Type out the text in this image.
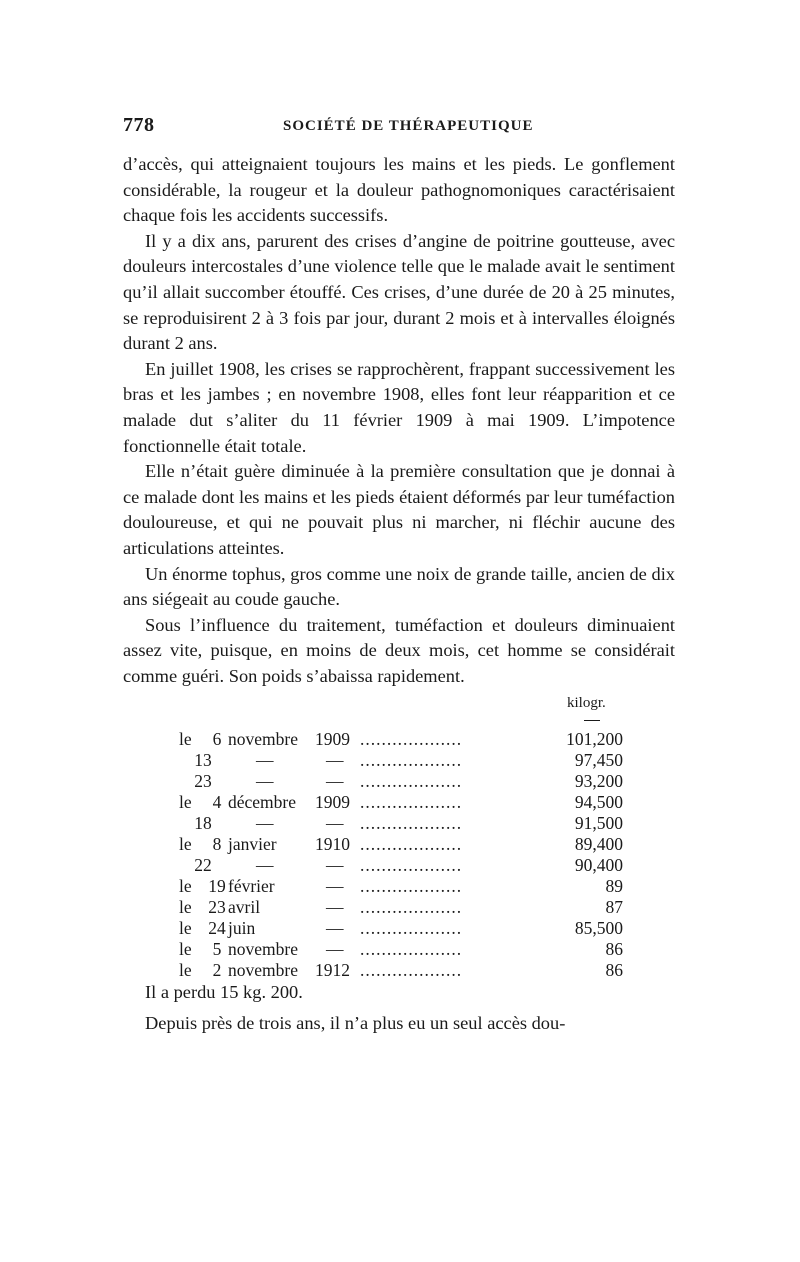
778	SOCIÉTÉ DE THÉRAPEUTIQUE

d’accès, qui atteignaient toujours les mains et les pieds. Le gonflement considérable, la rougeur et la douleur pathognomoniques caractérisaient chaque fois les accidents successifs.

Il y a dix ans, parurent des crises d’angine de poitrine goutteuse, avec douleurs intercostales d’une violence telle que le malade avait le sentiment qu’il allait succomber étouffé. Ces crises, d’une durée de 20 à 25 minutes, se reproduisirent 2 à 3 fois par jour, durant 2 mois et à intervalles éloignés durant 2 ans.

En juillet 1908, les crises se rapprochèrent, frappant successivement les bras et les jambes ; en novembre 1908, elles font leur réapparition et ce malade dut s’aliter du 11 février 1909 à mai 1909. L’impotence fonctionnelle était totale.

Elle n’était guère diminuée à la première consultation que je donnai à ce malade dont les mains et les pieds étaient déformés par leur tuméfaction douloureuse, et qui ne pouvait plus ni marcher, ni fléchir aucune des articulations atteintes.

Un énorme tophus, gros comme une noix de grande taille, ancien de dix ans siégeait au coude gauche.

Sous l’influence du traitement, tuméfaction et douleurs diminuaient assez vite, puisque, en moins de deux mois, cet homme se considérait comme guéri. Son poids s’abaissa rapidement.

kilogr.
le	6 novembre 1909 ...................	101,200
13	—	— ...................	97,450
23	—	— ...................	93,200
le	4 décembre 1909 ...................	94,500
18	—	— ...................	91,500
le	8 janvier 1910 ...................	89,400
22	—	— ...................	90,400
le 19 février	— ...................	89
le 23 avril	— ...................	87
le 24 juin	— ...................	85,500
le	5 novembre — ...................	86
le	2 novembre 1912 ...................	86

Il a perdu 15 kg. 200.

Depuis près de trois ans, il n’a plus eu un seul accès dou-
